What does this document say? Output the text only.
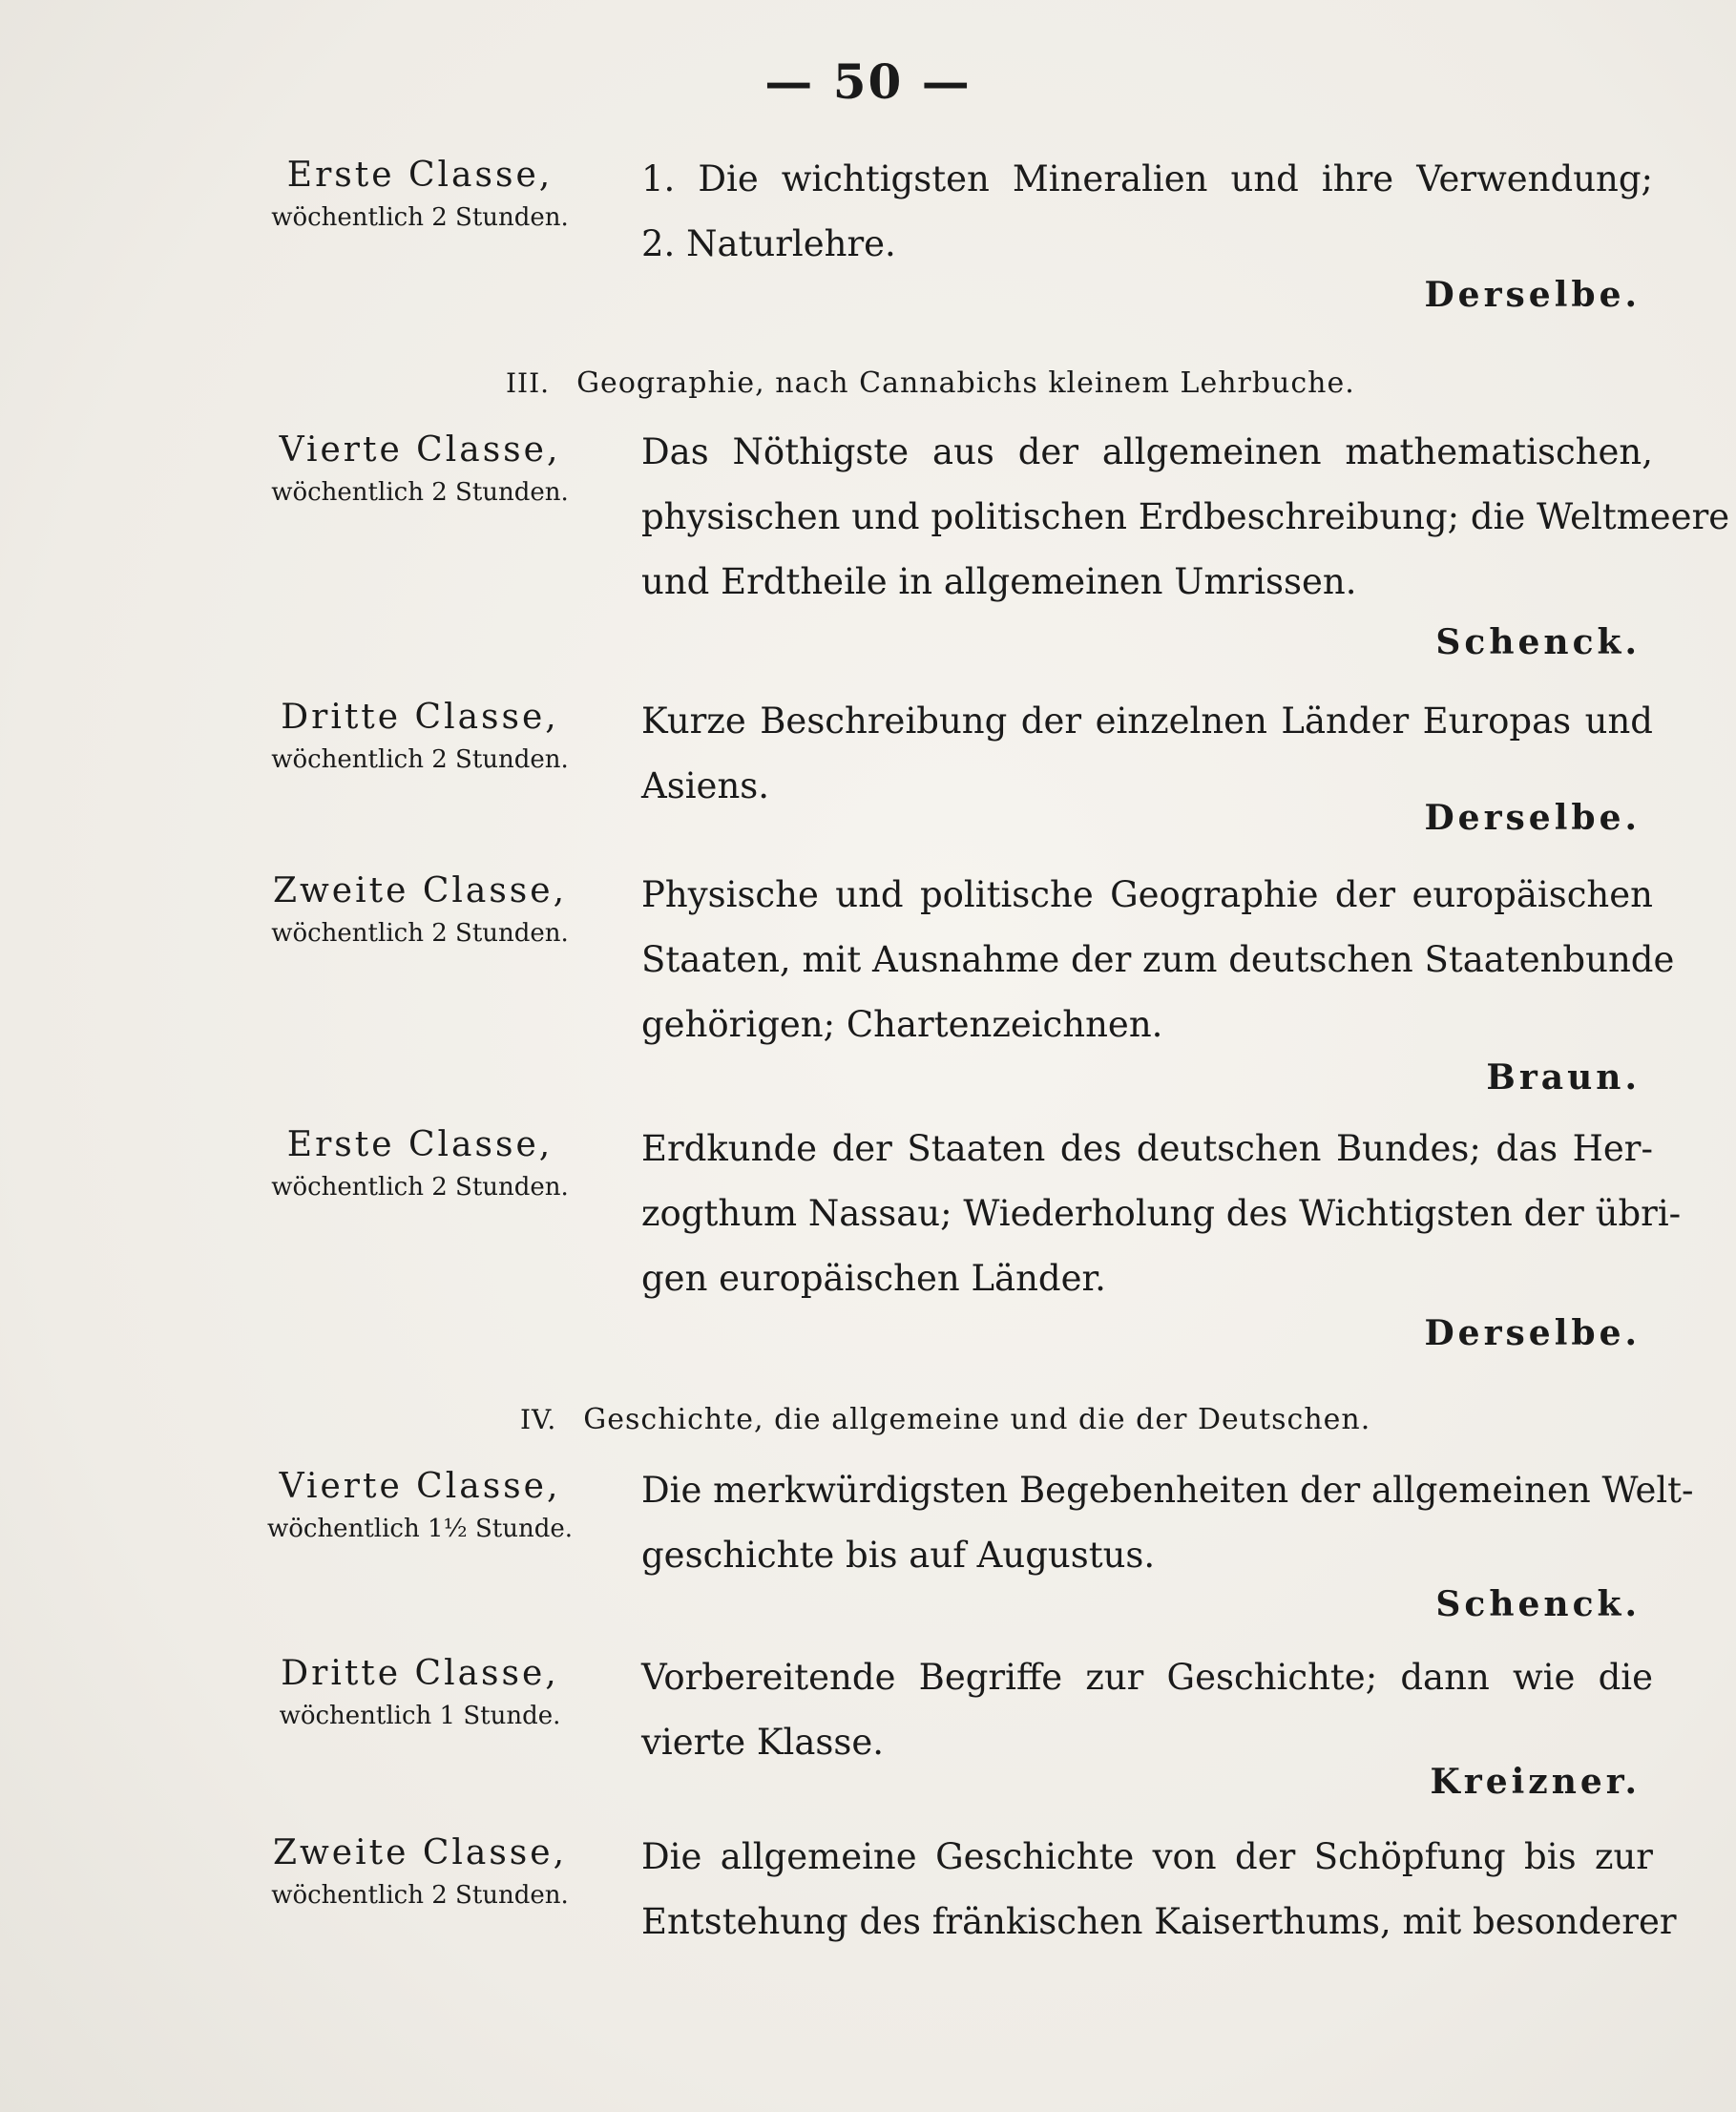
— 50 —
Erste Classe,
wöchentlich 2 Stunden.
1. Die wichtigsten Mineralien und ihre Verwendung;
2. Naturlehre.
Derselbe.
III. Geographie, nach Cannabichs kleinem Lehrbuche.
Vierte Classe,
wöchentlich 2 Stunden.
Das Nöthigste aus der allgemeinen mathematischen,
physischen und politischen Erdbeschreibung; die Weltmeere
und Erdtheile in allgemeinen Umrissen.
Schenck.
Dritte Classe,
wöchentlich 2 Stunden.
Kurze Beschreibung der einzelnen Länder Europas und
Asiens.
Derselbe.
Zweite Classe,
wöchentlich 2 Stunden.
Physische und politische Geographie der europäischen
Staaten, mit Ausnahme der zum deutschen Staatenbunde
gehörigen; Chartenzeichnen.
Braun.
Erste Classe,
wöchentlich 2 Stunden.
Erdkunde der Staaten des deutschen Bundes; das Her-
zogthum Nassau; Wiederholung des Wichtigsten der übri-
gen europäischen Länder.
Derselbe.
IV. Geschichte, die allgemeine und die der Deutschen.
Vierte Classe,
wöchentlich 1½ Stunde.
Die merkwürdigsten Begebenheiten der allgemeinen Welt-
geschichte bis auf Augustus.
Schenck.
Dritte Classe,
wöchentlich 1 Stunde.
Vorbereitende Begriffe zur Geschichte; dann wie die
vierte Klasse.
Kreizner.
Zweite Classe,
wöchentlich 2 Stunden.
Die allgemeine Geschichte von der Schöpfung bis zur
Entstehung des fränkischen Kaiserthums, mit besonderer
